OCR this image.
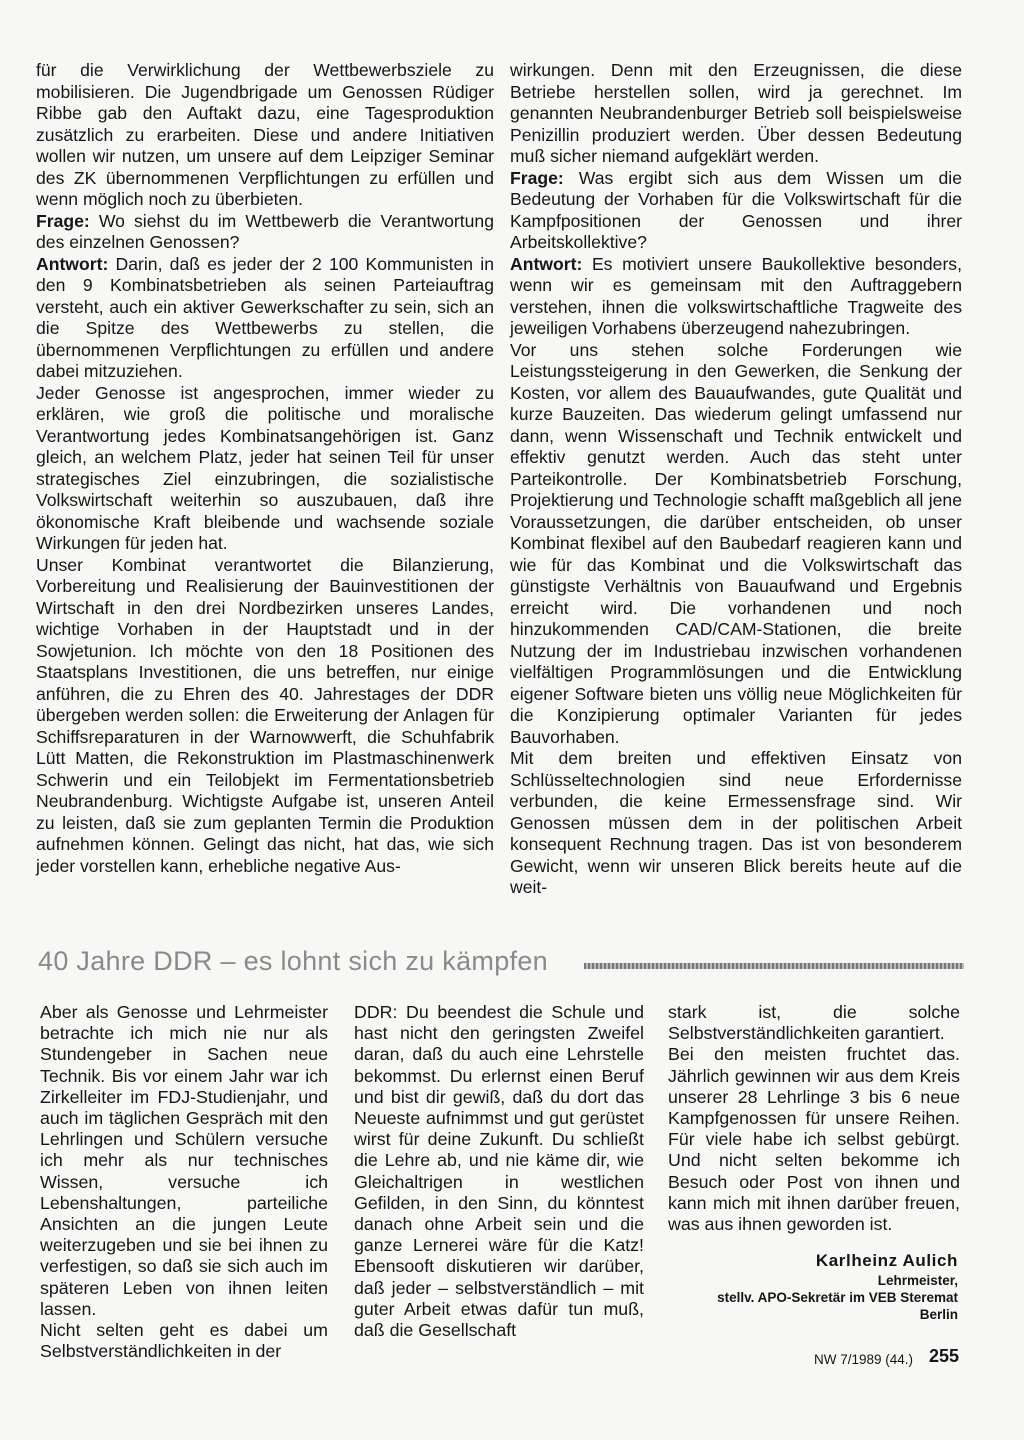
für die Verwirklichung der Wettbewerbsziele zu mobilisieren. Die Jugendbrigade um Genossen Rüdiger Ribbe gab den Auftakt dazu, eine Tagesproduktion zusätzlich zu erarbeiten. Diese und andere Initiativen wollen wir nutzen, um unsere auf dem Leipziger Seminar des ZK übernommenen Verpflichtungen zu erfüllen und wenn möglich noch zu überbieten.

Frage: Wo siehst du im Wettbewerb die Verantwortung des einzelnen Genossen?

Antwort: Darin, daß es jeder der 2 100 Kommunisten in den 9 Kombinatsbetrieben als seinen Parteiauftrag versteht, auch ein aktiver Gewerkschafter zu sein, sich an die Spitze des Wettbewerbs zu stellen, die übernommenen Verpflichtungen zu erfüllen und andere dabei mitzuziehen.

Jeder Genosse ist angesprochen, immer wieder zu erklären, wie groß die politische und moralische Verantwortung jedes Kombinatsangehörigen ist. Ganz gleich, an welchem Platz, jeder hat seinen Teil für unser strategisches Ziel einzubringen, die sozialistische Volkswirtschaft weiterhin so auszubauen, daß ihre ökonomische Kraft bleibende und wachsende soziale Wirkungen für jeden hat.

Unser Kombinat verantwortet die Bilanzierung, Vorbereitung und Realisierung der Bauinvestitionen der Wirtschaft in den drei Nordbezirken unseres Landes, wichtige Vorhaben in der Hauptstadt und in der Sowjetunion. Ich möchte von den 18 Positionen des Staatsplans Investitionen, die uns betreffen, nur einige anführen, die zu Ehren des 40. Jahrestages der DDR übergeben werden sollen: die Erweiterung der Anlagen für Schiffsreparaturen in der Warnowwerft, die Schuhfabrik Lütt Matten, die Rekonstruktion im Plastmaschinenwerk Schwerin und ein Teilobjekt im Fermentationsbetrieb Neubrandenburg. Wichtigste Aufgabe ist, unseren Anteil zu leisten, daß sie zum geplanten Termin die Produktion aufnehmen können. Gelingt das nicht, hat das, wie sich jeder vorstellen kann, erhebliche negative Aus-

wirkungen. Denn mit den Erzeugnissen, die diese Betriebe herstellen sollen, wird ja gerechnet. Im genannten Neubrandenburger Betrieb soll beispielsweise Penizillin produziert werden. Über dessen Bedeutung muß sicher niemand aufgeklärt werden.

Frage: Was ergibt sich aus dem Wissen um die Bedeutung der Vorhaben für die Volkswirtschaft für die Kampfpositionen der Genossen und ihrer Arbeitskollektive?

Antwort: Es motiviert unsere Baukollektive besonders, wenn wir es gemeinsam mit den Auftraggebern verstehen, ihnen die volkswirtschaftliche Tragweite des jeweiligen Vorhabens überzeugend nahezubringen.

Vor uns stehen solche Forderungen wie Leistungssteigerung in den Gewerken, die Senkung der Kosten, vor allem des Bauaufwandes, gute Qualität und kurze Bauzeiten. Das wiederum gelingt umfassend nur dann, wenn Wissenschaft und Technik entwickelt und effektiv genutzt werden. Auch das steht unter Parteikontrolle. Der Kombinatsbetrieb Forschung, Projektierung und Technologie schafft maßgeblich all jene Voraussetzungen, die darüber entscheiden, ob unser Kombinat flexibel auf den Baubedarf reagieren kann und wie für das Kombinat und die Volkswirtschaft das günstigste Verhältnis von Bauaufwand und Ergebnis erreicht wird. Die vorhandenen und noch hinzukommenden CAD/CAM-Stationen, die breite Nutzung der im Industriebau inzwischen vorhandenen vielfältigen Programmlösungen und die Entwicklung eigener Software bieten uns völlig neue Möglichkeiten für die Konzipierung optimaler Varianten für jedes Bauvorhaben.

Mit dem breiten und effektiven Einsatz von Schlüsseltechnologien sind neue Erfordernisse verbunden, die keine Ermessensfrage sind. Wir Genossen müssen dem in der politischen Arbeit konsequent Rechnung tragen. Das ist von besonderem Gewicht, wenn wir unseren Blick bereits heute auf die weit-

40 Jahre DDR – es lohnt sich zu kämpfen

Aber als Genosse und Lehrmeister betrachte ich mich nie nur als Stundengeber in Sachen neue Technik. Bis vor einem Jahr war ich Zirkelleiter im FDJ-Studienjahr, und auch im täglichen Gespräch mit den Lehrlingen und Schülern versuche ich mehr als nur technisches Wissen, versuche ich Lebenshaltungen, parteiliche Ansichten an die jungen Leute weiterzugeben und sie bei ihnen zu verfestigen, so daß sie sich auch im späteren Leben von ihnen leiten lassen.

Nicht selten geht es dabei um Selbstverständlichkeiten in der

DDR: Du beendest die Schule und hast nicht den geringsten Zweifel daran, daß du auch eine Lehrstelle bekommst. Du erlernst einen Beruf und bist dir gewiß, daß du dort das Neueste aufnimmst und gut gerüstet wirst für deine Zukunft. Du schließt die Lehre ab, und nie käme dir, wie Gleichaltrigen in westlichen Gefilden, in den Sinn, du könntest danach ohne Arbeit sein und die ganze Lernerei wäre für die Katz! Ebensooft diskutieren wir darüber, daß jeder – selbstverständlich – mit guter Arbeit etwas dafür tun muß, daß die Gesellschaft

stark ist, die solche Selbstverständlichkeiten garantiert.

Bei den meisten fruchtet das. Jährlich gewinnen wir aus dem Kreis unserer 28 Lehrlinge 3 bis 6 neue Kampfgenossen für unsere Reihen. Für viele habe ich selbst gebürgt. Und nicht selten bekomme ich Besuch oder Post von ihnen und kann mich mit ihnen darüber freuen, was aus ihnen geworden ist.

Karlheinz Aulich
Lehrmeister,
stellv. APO-Sekretär im VEB Steremat
Berlin
NW 7/1989 (44.) 255
